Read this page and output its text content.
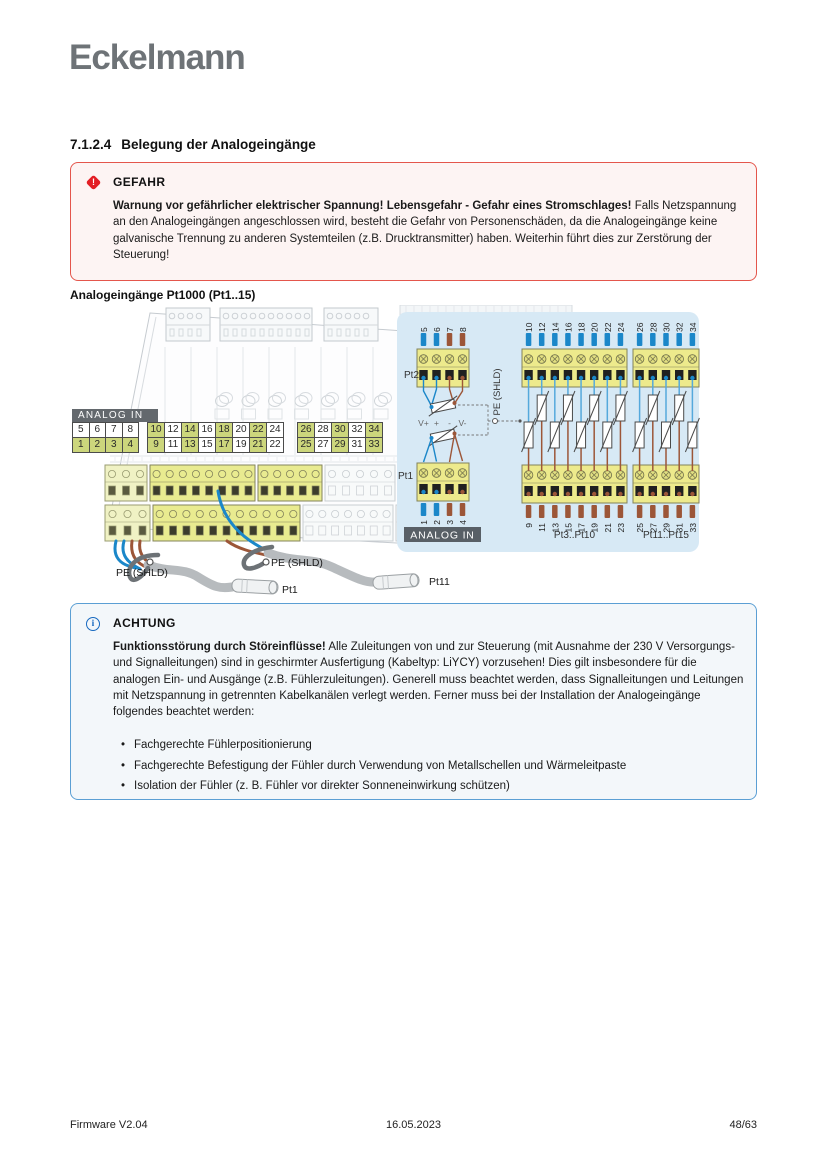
Eckelmann
7.1.2.4 Belegung der Analogeingänge
!
GEFAHR
Warnung vor gefährlicher elektrischer Spannung! Lebensgefahr - Gefahr eines Stromschlages! Falls Netzspannung an den Analogeingängen angeschlossen wird, besteht die Gefahr von Personenschäden, da die Analogeingänge keine galvanische Trennung zu anderen Systemteilen (z.B. Drucktransmitter) haben. Weiterhin führt dies zur Zerstörung der Steuerung!
Analogeingänge Pt1000 (Pt1..15)
10
9
12
11
14
13
16
15
18
17
20
19
22
21
24
23
26
25
28
27
30
29
32
31
34
33
5
1
6
2
7
3
8
4
Pt2
Pt1
V+ + - V-
PE (SHLD)
ANALOG IN	Pt3..Pt10	Pt11..Pt15
ANALOG IN
5	6	7	8
1	2	3	4
10 12 14 16 18 20 22 24
9 11 13 15 17 19 21 22
26 28 30 32 34
25 27 29 31 33
PE (SHLD)
PE (SHLD)
Pt1
Pt11
i
ACHTUNG
Funktionsstörung durch Störeinflüsse! Alle Zuleitungen von und zur Steuerung (mit Ausnahme der 230 V Versorgungs- und Signalleitungen) sind in geschirmter Ausfertigung (Kabeltyp: LiYCY) vorzusehen! Dies gilt insbesondere für die analogen Ein- und Ausgänge (z.B. Fühlerzuleitungen). Generell muss beachtet werden, dass Signalleitungen und Leitungen mit Netzspannung in getrennten Kabelkanälen verlegt werden. Ferner muss bei der Installation der Analogeingänge folgendes beachtet werden:
• Fachgerechte Fühlerpositionierung
• Fachgerechte Befestigung der Fühler durch Verwendung von Metallschellen und Wärmeleitpaste
• Isolation der Fühler (z. B. Fühler vor direkter Sonneneinwirkung schützen)
Firmware V2.04	16.05.2023	48/63
